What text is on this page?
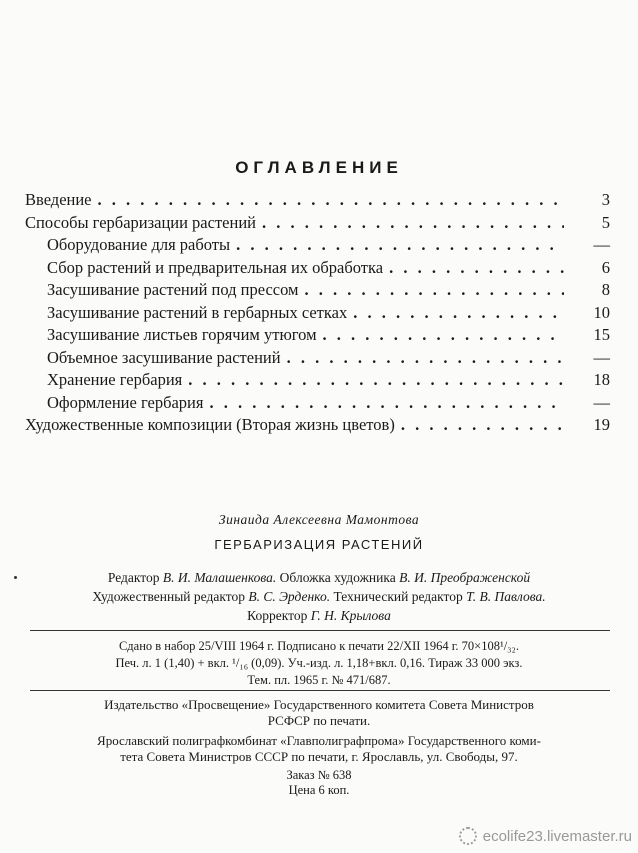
ОГЛАВЛЕНИЕ
Введение . . .	3
Способы гербаризации растений . . .	5
Оборудование для работы . . .	—
Сбор растений и предварительная их обработка . . .	6
Засушивание растений под прессом . . .	8
Засушивание растений в гербарных сетках . . .	10
Засушивание листьев горячим утюгом . . .	15
Объемное засушивание растений . . .	—
Хранение гербария . . .	18
Оформление гербария . . .	—
Художественные композиции (Вторая жизнь цветов) . . .	19
Зинаида Алексеевна Мамонтова
ГЕРБАРИЗАЦИЯ РАСТЕНИЙ
Редактор В. И. Малашенкова. Обложка художника В. И. Преображенской
Художественный редактор В. С. Эрденко. Технический редактор Т. В. Павлова.
Корректор Г. Н. Крылова
Сдано в набор 25/VIII 1964 г. Подписано к печати 22/XII 1964 г. 70×108¹/₃₂.
Печ. л. 1 (1,40) + вкл. ¹/₁₆ (0,09). Уч.-изд. л. 1,18+вкл. 0,16. Тираж 33 000 экз.
Тем. пл. 1965 г. № 471/687.
Издательство «Просвещение» Государственного комитета Совета Министров
РСФСР по печати.
Ярославский полиграфкомбинат «Главполиграфпрома» Государственного коми-
тета Совета Министров СССР по печати, г. Ярославль, ул. Свободы, 97.
Заказ № 638
Цена 6 коп.
ecolife23.livemaster.ru
